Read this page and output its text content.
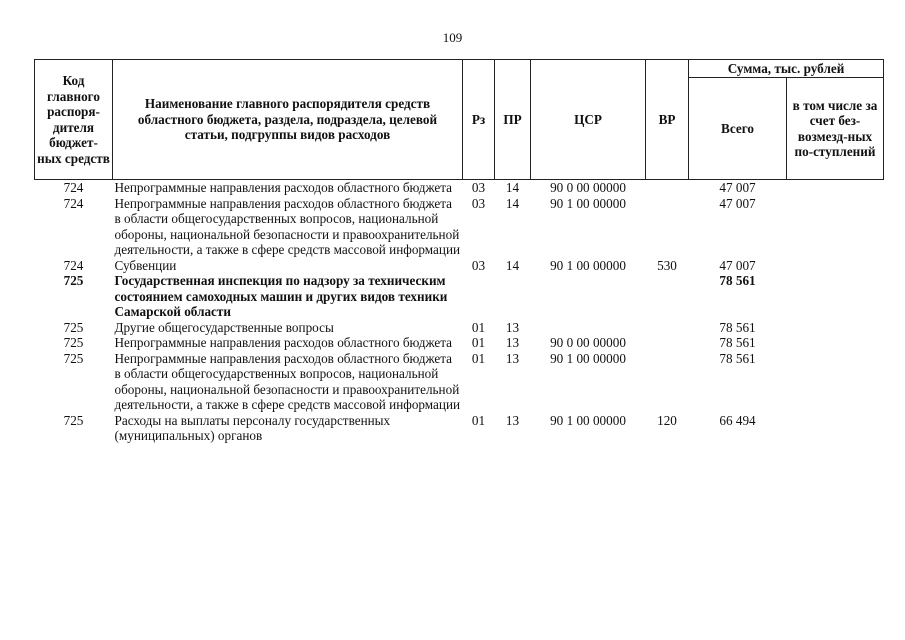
109
Код главного распоря-дителя бюджет-ных средств	Наименование главного распорядителя средств областного бюджета, раздела, подраздела, целевой статьи, подгруппы видов расходов	Рз	ПР	ЦСР	ВР	Сумма, тыс. рублей	
						Всего	в том числе за счет без-возмезд-ных по-ступлений
724	Непрограммные направления расходов областного бюджета	03	14	90 0 00 00000		47 007	
724	Непрограммные направления расходов областного бюджета в области общегосударственных вопросов, национальной обороны, национальной безопасности и правоохранительной деятельности, а также в сфере средств массовой информации	03	14	90 1 00 00000		47 007	
724	Субвенции	03	14	90 1 00 00000	530	47 007	
725	Государственная инспекция по надзору за техническим состоянием самоходных машин и других видов техники Самарской области					78 561	
725	Другие общегосударственные вопросы	01	13			78 561	
725	Непрограммные направления расходов областного бюджета	01	13	90 0 00 00000		78 561	
725	Непрограммные направления расходов областного бюджета в области общегосударственных вопросов, национальной обороны, национальной безопасности и правоохранительной деятельности, а также в сфере средств массовой информации	01	13	90 1 00 00000		78 561	
725	Расходы на выплаты персоналу государственных (муниципальных) органов	01	13	90 1 00 00000	120	66 494	
